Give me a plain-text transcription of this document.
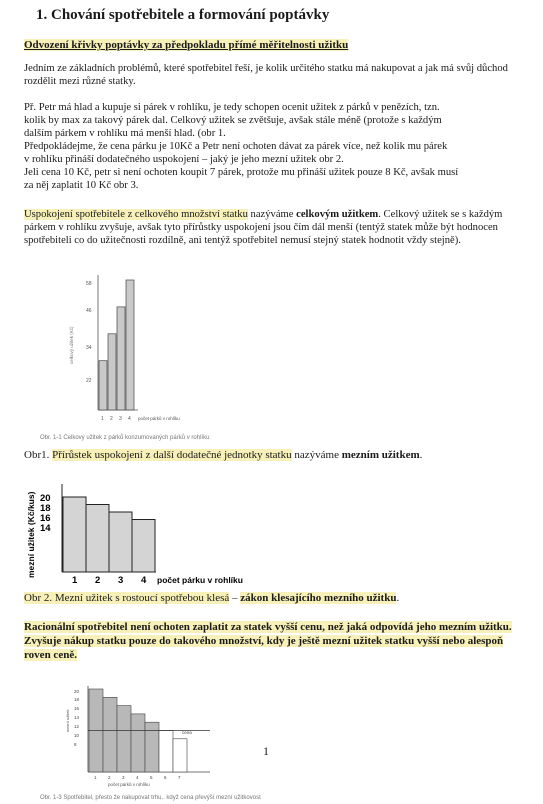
1. Chování spotřebitele a formování poptávky
Odvození křivky poptávky za předpokladu přímé měřitelnosti užitku
Jedním ze základních problémů, které spotřebitel řeší, je kolik určitého statku má nakupovat a jak má svůj důchod rozdělit mezi různé statky.
Př. Petr má hlad a kupuje si párek v rohlíku, je tedy schopen ocenit užitek z párků v penězích, tzn.
kolik by max za takový párek dal. Celkový užitek se zvětšuje, avšak stále méně (protože s každým
dalším párkem v rohlíku má menší hlad. (obr 1.
Předpokládejme, že cena párku je 10Kč a Petr není ochoten dávat za párek více, než kolik mu párek
v rohlíku přináší dodatečného uspokojení – jaký je jeho mezní užitek obr 2.
Jeli cena 10 Kč, petr si není ochoten koupit 7 párek, protože mu přináší užitek pouze 8 Kč, avšak musí
za něj zaplatit 10 Kč obr 3.
Uspokojení spotřebitele z celkového množství statku nazýváme celkovým užitkem. Celkový užitek se s každým párkem v rohlíku zvyšuje, avšak tyto přírůstky uspokojení jsou čím dál menší (tentýž statek může být hodnocen spotřebiteli co do užitečnosti rozdílně, ani tentýž spotřebitel nemusí stejný statek hodnotit vždy stejně).
58
46
34
22
celkový užitek (Kč)
1 2 3 4 počet párků v rohlíku
Obr. 1-1 Celkový užitek z párků konzumovaných párků v rohlíku
Obr1. Přírůstek uspokojení z další dodatečné jednotky statku nazýváme mezním užitkem.
20
18
16
14
mezní užitek (Kč/kus)
1 2 3 4 počet párku v rohlíku
Obr 2. Mezní užitek s rostoucí spotřebou klesá – zákon klesajícího mezního užitku.
Racionální spotřebitel není ochoten zaplatit za statek vyšší cenu, než jaká odpovídá jeho mezním užitku. Zvyšuje nákup statku pouze do takového množství, kdy je ještě mezní užitek statku vyšší nebo alespoň roven ceně.
1	2	3	4	5	6	7
cena
20
18
16
14
12
10
8
mezní užitek
počet párků v rohlíku
Obr. 1-3 Spotřebitel, přesto že nakupovat trhu.. když cena převýší mezní užitkovost
1
